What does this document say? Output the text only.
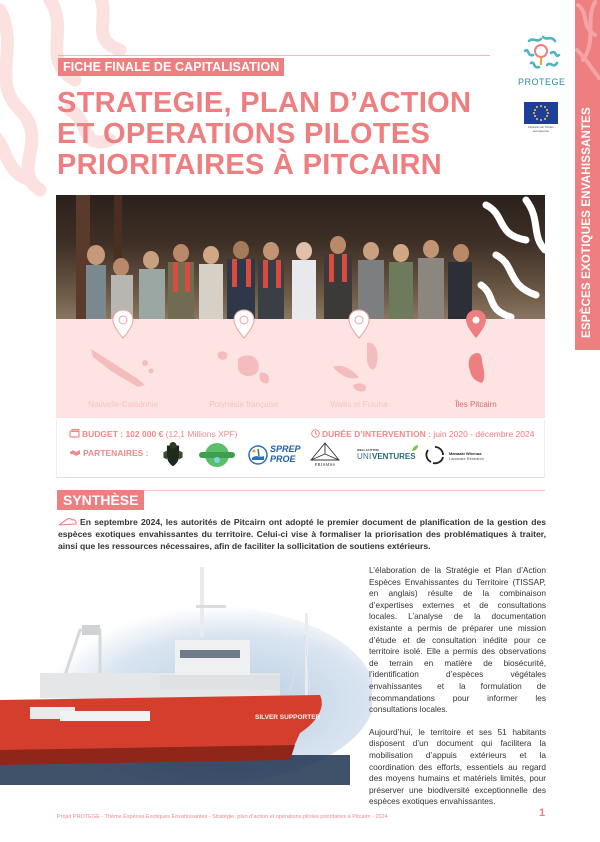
ESPÈCES EXOTIQUES ENVAHISSANTES
PROTEGE
Financé par l'Union européenne
FICHE FINALE DE CAPITALISATION
STRATEGIE, PLAN D’ACTION
ET OPERATIONS PILOTES
PRIORITAIRES À PITCAIRN
Nouvelle-Calédonie	Polynésie française	Wallis et Futuna	Îles Pitcairn
BUDGET : 102 000 € (12,1 Millions XPF)	DURÉE D’INTERVENTION : juin 2020 - décembre 2024
PARTENAIRES :	SPREP
PROE
PRISMSS
WELL HUTTON
UNI VENTURES	Manaaki Whenua
Landcare Research
SYNTHÈSE
En septembre 2024, les autorités de Pitcairn ont adopté le premier document de planification de la gestion des espèces exotiques envahissantes du territoire. Celui-ci vise à formaliser la priorisation des problématiques à traiter, ainsi que les ressources nécessaires, afin de faciliter la sollicitation de soutiens extérieurs.
SILVER SUPPORTER

L’élaboration de la Stratégie et Plan d’Action Espèces Envahissantes du Territoire (TISSAP, en anglais) résulte de la combinaison d’expertises externes et de consultations locales. L’analyse de la documentation existante a permis de préparer une mission d’étude et de consultation inédite pour ce territoire isolé. Elle a permis des observations de terrain en matière de biosécurité, l’identification d’espèces végétales envahissantes et la formulation de recommandations pour informer les consultations locales.

Aujourd’hui, le territoire et ses 51 habitants disposent d’un document qui facilitera la mobilisation d’appuis extérieurs et la coordination des efforts, essentiels au regard des moyens humains et matériels limités, pour préserver une biodiversité exceptionnelle des espèces exotiques envahissantes.

Projet PROTEGE - Thème Espèces Exotiques Envahissantes - Stratégie, plan d’action et opérations pilotes prioritaires à Pitcairn - 2024	1
